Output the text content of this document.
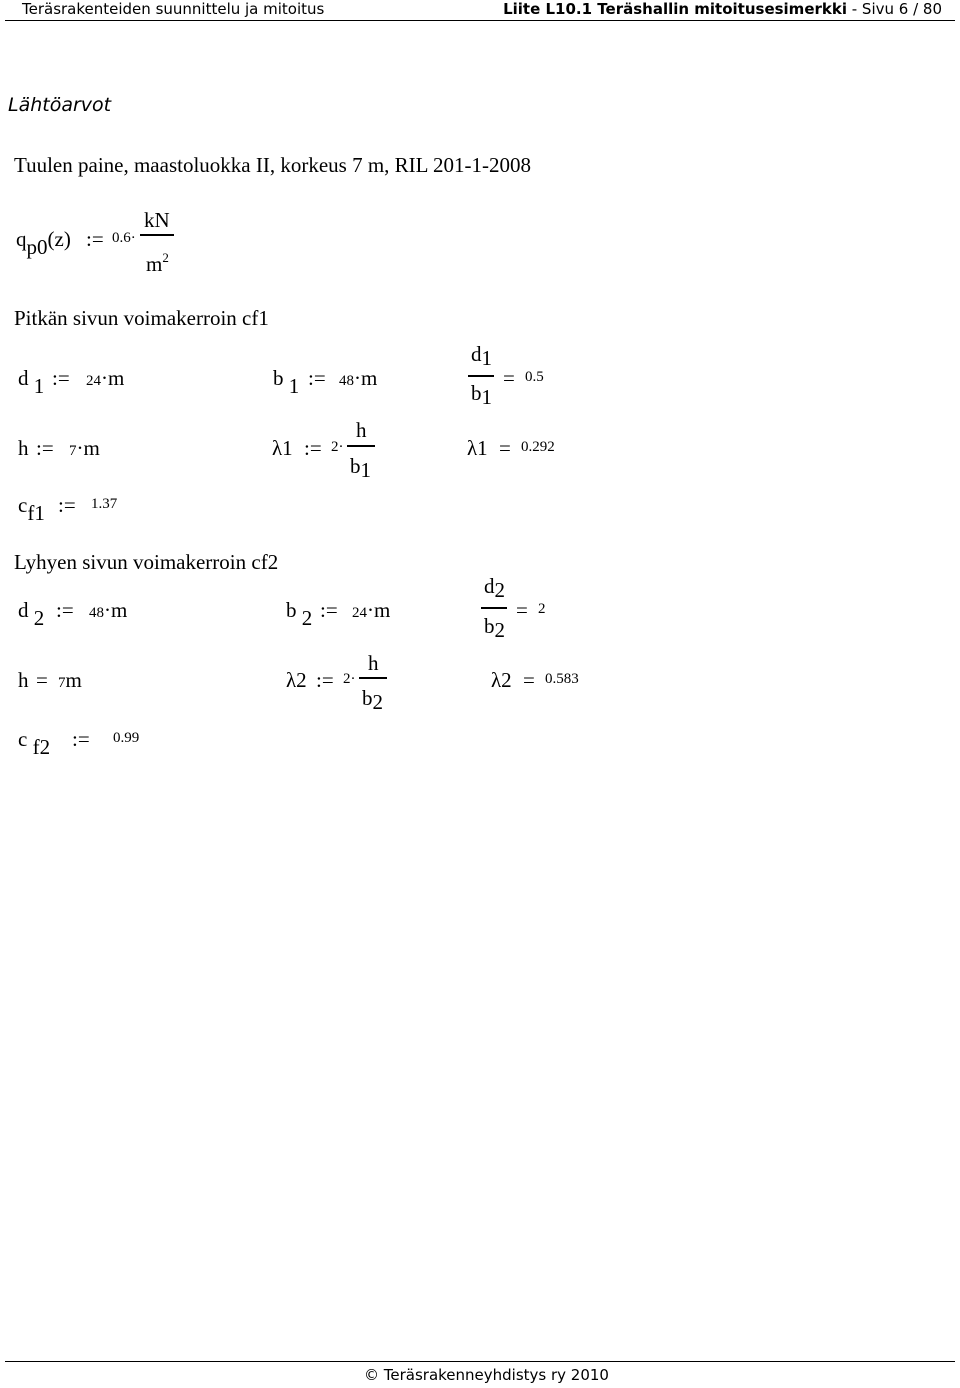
Teräsrakenteiden suunnittelu ja mitoitus	Liite L10.1 Teräshallin mitoitusesimerkki - Sivu 6 / 80
Lähtöarvot
Tuulen paine, maastoluokka II, korkeus 7 m, RIL 201-1-2008
qp0(z) := 0.6·
kN
$m^2$
Pitkän sivun voimakerroin cf1
d 1 := 24·m	b 1 := 48·m
d1
b1
= 0.5
h := 7·m	λ1 := 2·
h
b1
λ1 = 0.292
cf1 := 1.37
Lyhyen sivun voimakerroin cf2
d 2 := 48·m	b 2 := 24·m
d2
b2
= 2
h = 7m	λ2 := 2·
h
b2
λ2 = 0.583
c f2 := 0.99
© Teräsrakenneyhdistys ry 2010
